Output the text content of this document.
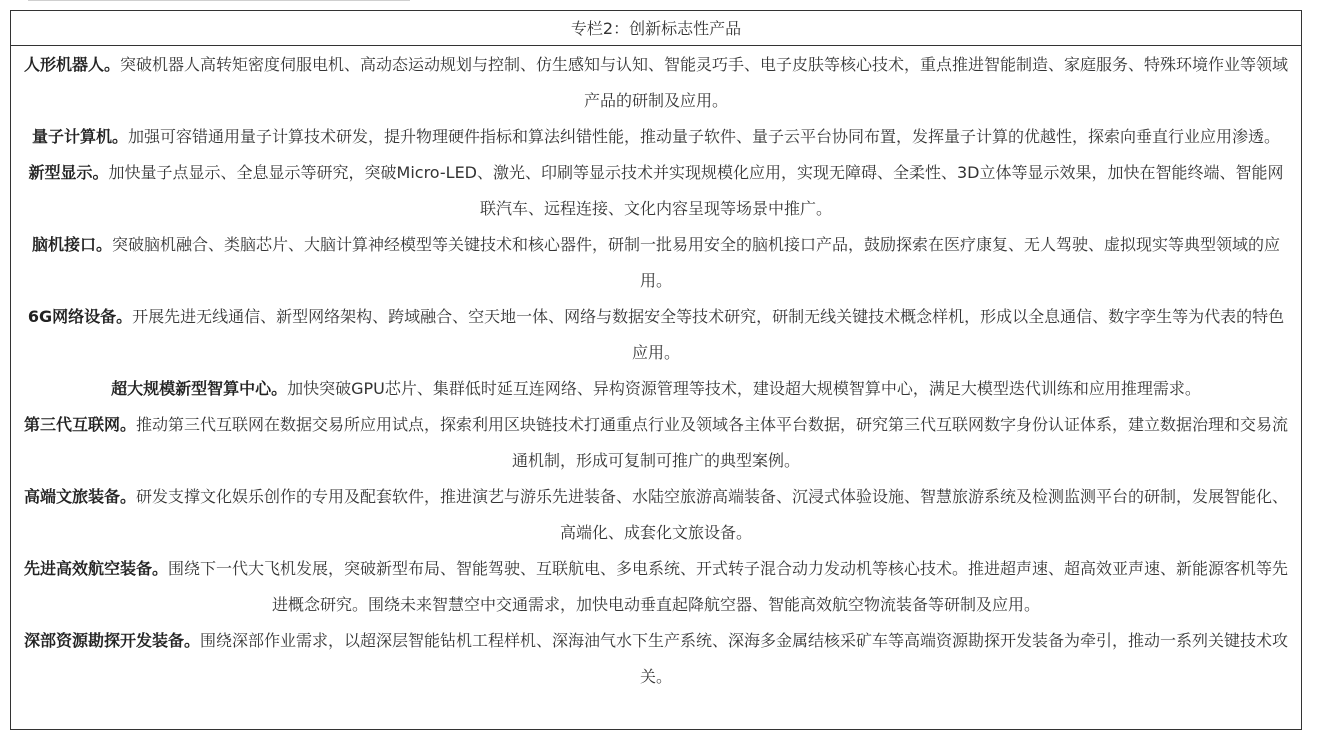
专栏2：创新标志性产品

人形机器人。突破机器人高转矩密度伺服电机、高动态运动规划与控制、仿生感知与认知、智能灵巧手、电子皮肤等核心技术，重点推进智能制造、家庭服务、特殊环境作业等领域产品的研制及应用。

量子计算机。加强可容错通用量子计算技术研发，提升物理硬件指标和算法纠错性能，推动量子软件、量子云平台协同布置，发挥量子计算的优越性，探索向垂直行业应用渗透。

新型显示。加快量子点显示、全息显示等研究，突破Micro-LED、激光、印刷等显示技术并实现规模化应用，实现无障碍、全柔性、3D立体等显示效果，加快在智能终端、智能网联汽车、远程连接、文化内容呈现等场景中推广。

脑机接口。突破脑机融合、类脑芯片、大脑计算神经模型等关键技术和核心器件，研制一批易用安全的脑机接口产品，鼓励探索在医疗康复、无人驾驶、虚拟现实等典型领域的应用。

6G网络设备。开展先进无线通信、新型网络架构、跨域融合、空天地一体、网络与数据安全等技术研究，研制无线关键技术概念样机，形成以全息通信、数字孪生等为代表的特色应用。

超大规模新型智算中心。加快突破GPU芯片、集群低时延互连网络、异构资源管理等技术，建设超大规模智算中心，满足大模型迭代训练和应用推理需求。

第三代互联网。推动第三代互联网在数据交易所应用试点，探索利用区块链技术打通重点行业及领域各主体平台数据，研究第三代互联网数字身份认证体系，建立数据治理和交易流通机制，形成可复制可推广的典型案例。

高端文旅装备。研发支撑文化娱乐创作的专用及配套软件，推进演艺与游乐先进装备、水陆空旅游高端装备、沉浸式体验设施、智慧旅游系统及检测监测平台的研制，发展智能化、高端化、成套化文旅设备。

先进高效航空装备。围绕下一代大飞机发展，突破新型布局、智能驾驶、互联航电、多电系统、开式转子混合动力发动机等核心技术。推进超声速、超高效亚声速、新能源客机等先进概念研究。围绕未来智慧空中交通需求，加快电动垂直起降航空器、智能高效航空物流装备等研制及应用。

深部资源勘探开发装备。围绕深部作业需求，以超深层智能钻机工程样机、深海油气水下生产系统、深海多金属结核采矿车等高端资源勘探开发装备为牵引，推动一系列关键技术攻关。
